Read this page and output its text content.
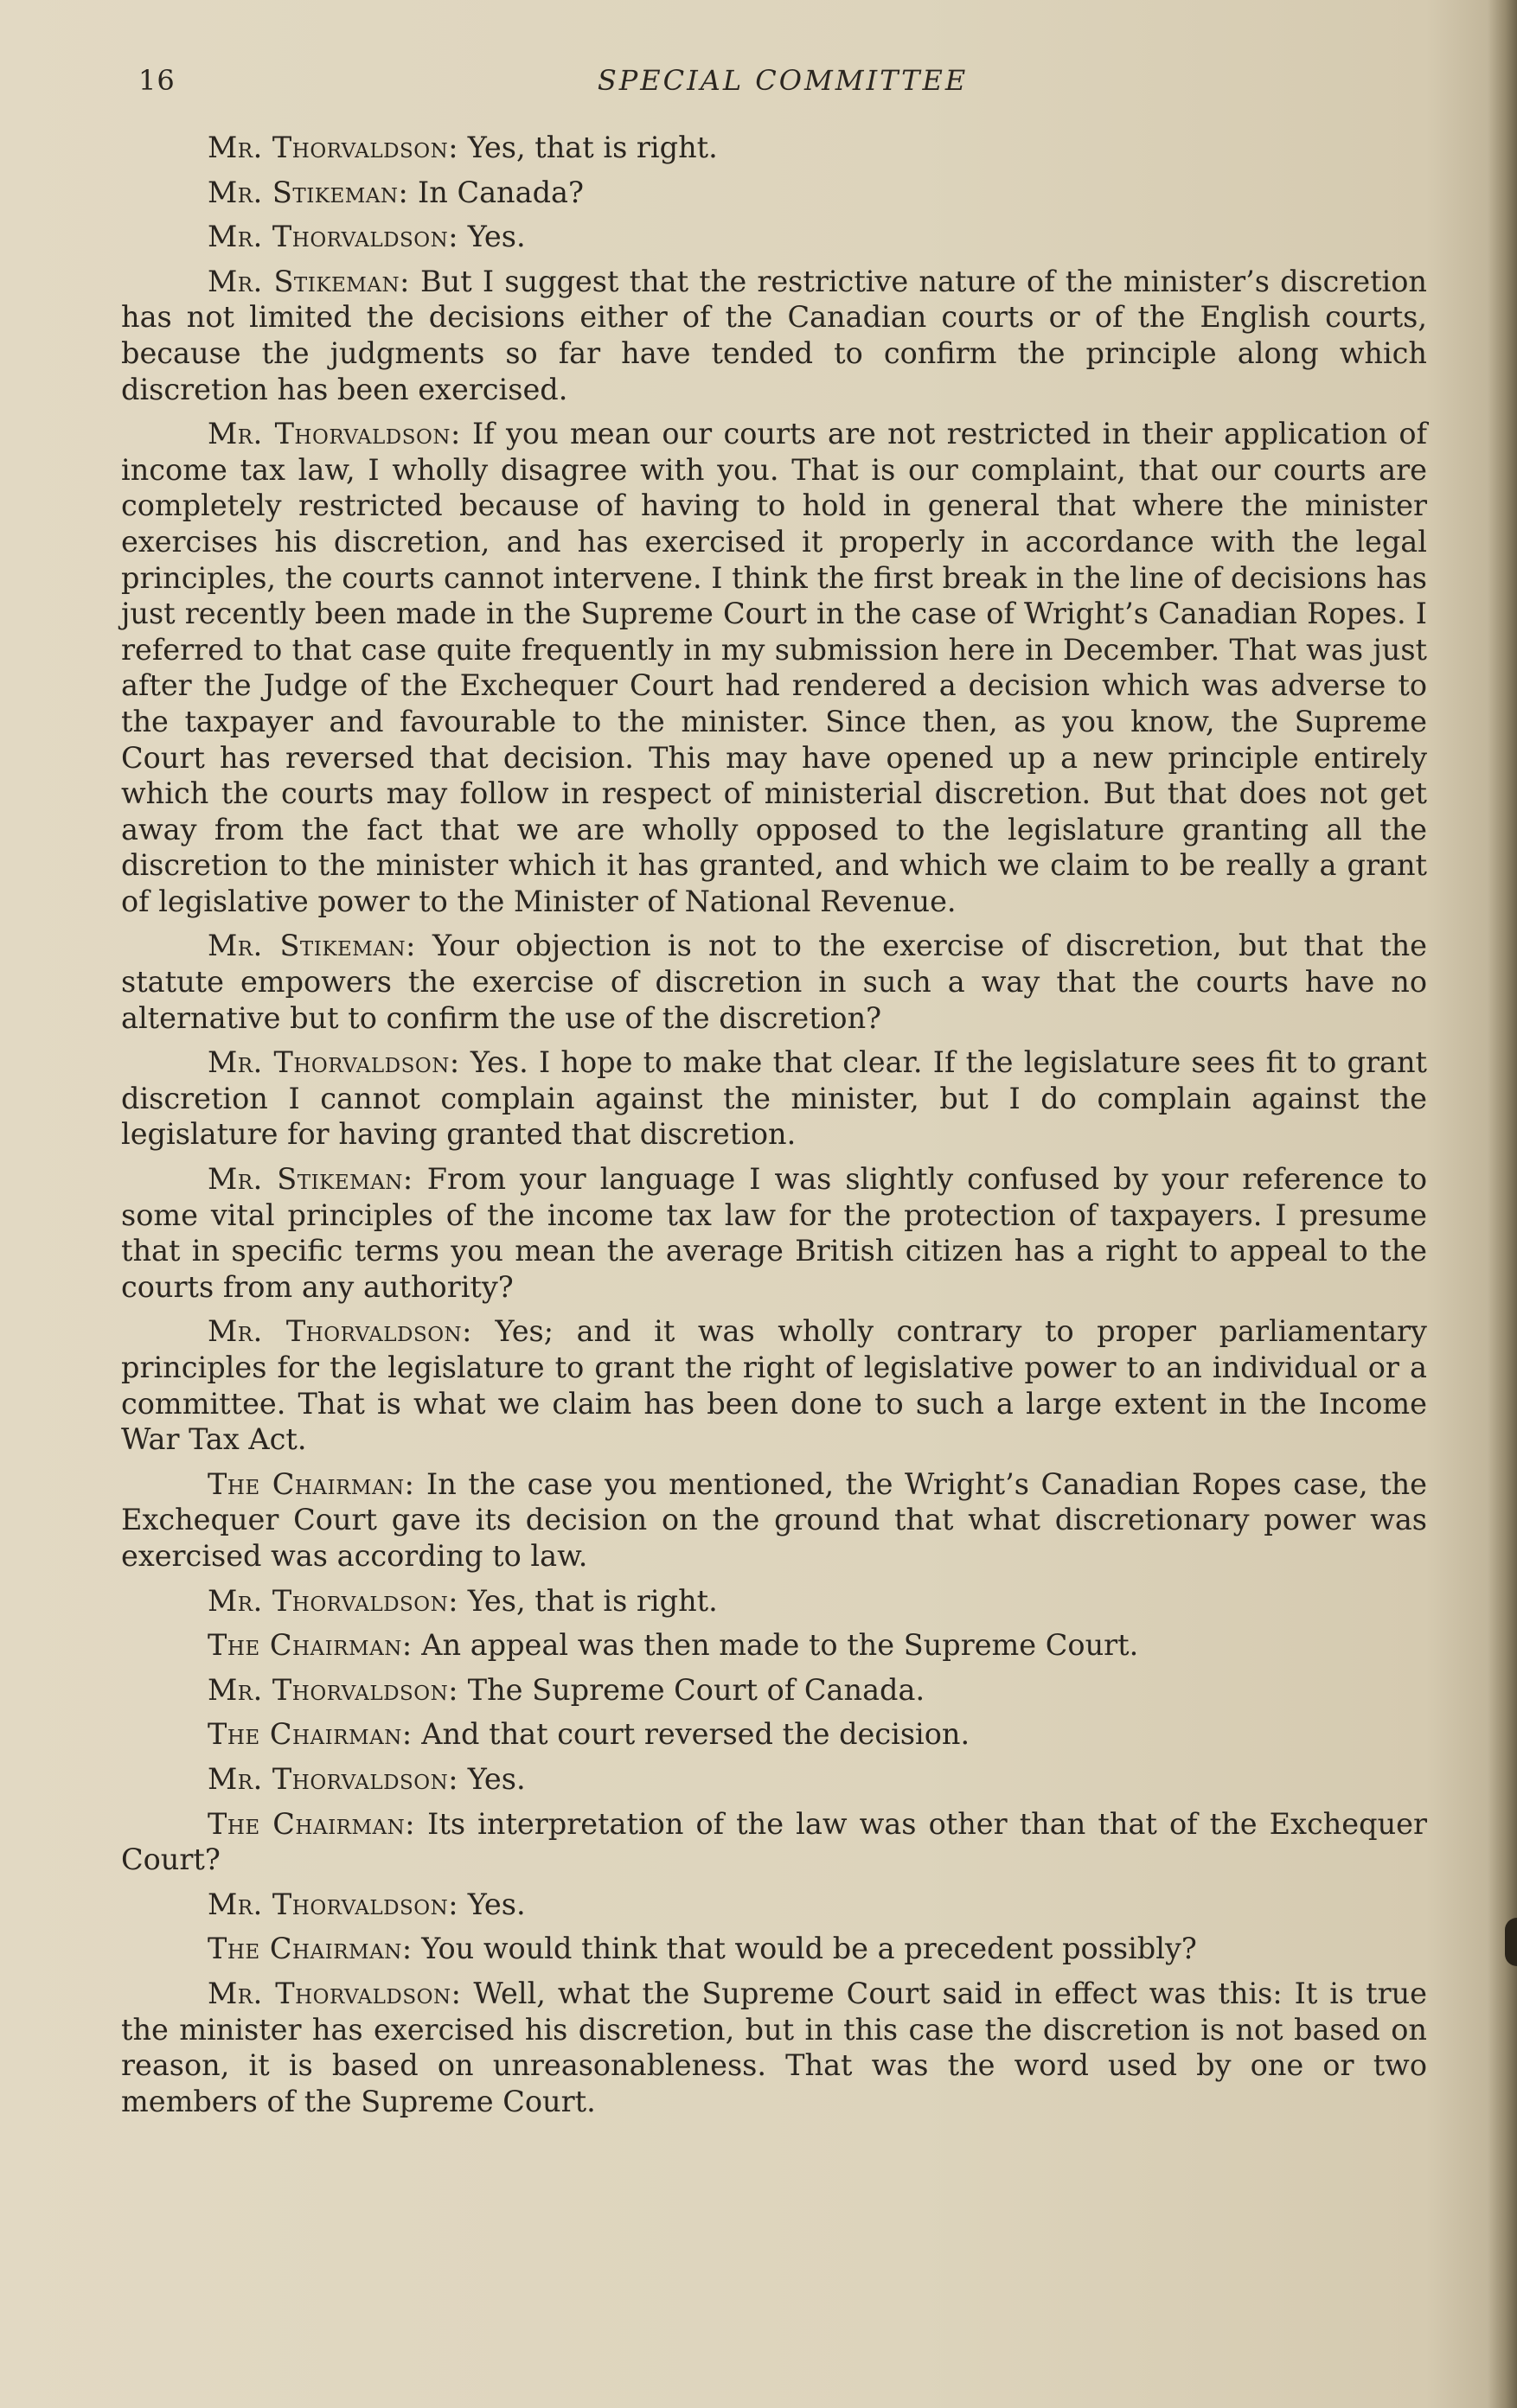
16	SPECIAL COMMITTEE

Mr. Thorvaldson: Yes, that is right.

Mr. Stikeman: In Canada?

Mr. Thorvaldson: Yes.

Mr. Stikeman: But I suggest that the restrictive nature of the minister’s discretion has not limited the decisions either of the Canadian courts or of the English courts, because the judgments so far have tended to confirm the principle along which discretion has been exercised.

Mr. Thorvaldson: If you mean our courts are not restricted in their application of income tax law, I wholly disagree with you. That is our complaint, that our courts are completely restricted because of having to hold in general that where the minister exercises his discretion, and has exercised it properly in accordance with the legal principles, the courts cannot intervene. I think the first break in the line of decisions has just recently been made in the Supreme Court in the case of Wright’s Canadian Ropes. I referred to that case quite frequently in my submission here in December. That was just after the Judge of the Exchequer Court had rendered a decision which was adverse to the taxpayer and favourable to the minister. Since then, as you know, the Supreme Court has reversed that decision. This may have opened up a new principle entirely which the courts may follow in respect of ministerial discretion. But that does not get away from the fact that we are wholly opposed to the legislature granting all the discretion to the minister which it has granted, and which we claim to be really a grant of legislative power to the Minister of National Revenue.

Mr. Stikeman: Your objection is not to the exercise of discretion, but that the statute empowers the exercise of discretion in such a way that the courts have no alternative but to confirm the use of the discretion?

Mr. Thorvaldson: Yes. I hope to make that clear. If the legislature sees fit to grant discretion I cannot complain against the minister, but I do complain against the legislature for having granted that discretion.

Mr. Stikeman: From your language I was slightly confused by your reference to some vital principles of the income tax law for the protection of taxpayers. I presume that in specific terms you mean the average British citizen has a right to appeal to the courts from any authority?

Mr. Thorvaldson: Yes; and it was wholly contrary to proper parliamentary principles for the legislature to grant the right of legislative power to an individual or a committee. That is what we claim has been done to such a large extent in the Income War Tax Act.

The Chairman: In the case you mentioned, the Wright’s Canadian Ropes case, the Exchequer Court gave its decision on the ground that what discretionary power was exercised was according to law.

Mr. Thorvaldson: Yes, that is right.

The Chairman: An appeal was then made to the Supreme Court.

Mr. Thorvaldson: The Supreme Court of Canada.

The Chairman: And that court reversed the decision.

Mr. Thorvaldson: Yes.

The Chairman: Its interpretation of the law was other than that of the Exchequer Court?

Mr. Thorvaldson: Yes.

The Chairman: You would think that would be a precedent possibly?

Mr. Thorvaldson: Well, what the Supreme Court said in effect was this: It is true the minister has exercised his discretion, but in this case the discretion is not based on reason, it is based on unreasonableness. That was the word used by one or two members of the Supreme Court.
